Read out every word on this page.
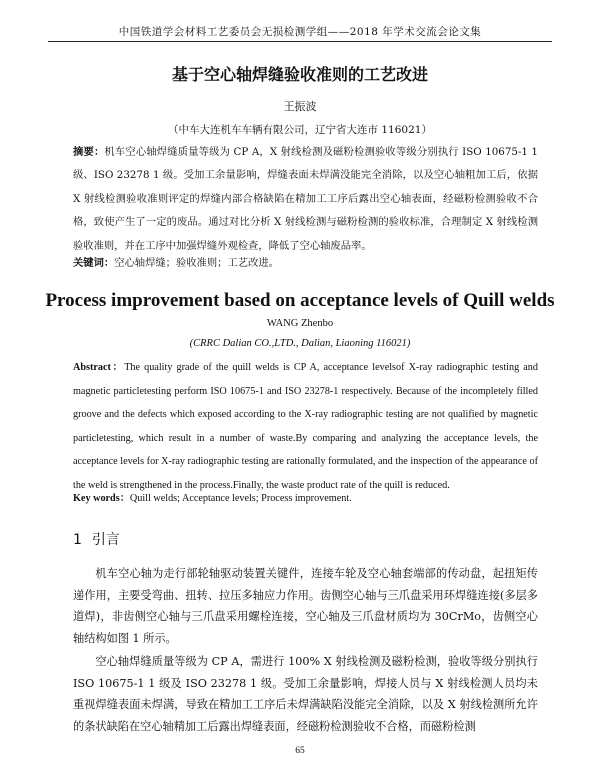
中国铁道学会材料工艺委员会无损检测学组——2018 年学术交流会论文集
基于空心轴焊缝验收准则的工艺改进
王振波
（中车大连机车车辆有限公司，辽宁省大连市 116021）
摘要：机车空心轴焊缝质量等级为 CP A，X 射线检测及磁粉检测验收等级分别执行 ISO 10675-1 1 级、ISO 23278 1 级。受加工余量影响，焊缝表面未焊满没能完全消除，以及空心轴粗加工后，依据 X 射线检测验收准则评定的焊缝内部合格缺陷在精加工工序后露出空心轴表面，经磁粉检测验收不合格，致使产生了一定的废品。通过对比分析 X 射线检测与磁粉检测的验收标准，合理制定 X 射线检测验收准则，并在工序中加强焊缝外观检查，降低了空心轴废品率。
关键词：空心轴焊缝；验收准则；工艺改进。
Process improvement based on acceptance levels of Quill welds
WANG Zhenbo
(CRRC Dalian CO.,LTD., Dalian, Liaoning 116021)
Abstract：The quality grade of the quill welds is CP A, acceptance levelsof X-ray radiographic testing and magnetic particletesting perform ISO 10675-1 and ISO 23278-1 respectively. Because of the incompletely filled groove and the defects which exposed according to the X-ray radiographic testing are not qualified by magnetic particletesting, which result in a number of waste.By comparing and analyzing the acceptance levels, the acceptance levels for X-ray radiographic testing are rationally formulated, and the inspection of the appearance of the weld is strengthened in the process.Finally, the waste product rate of the quill is reduced.
Key words：Quill welds; Acceptance levels; Process improvement.
1 引言

机车空心轴为走行部轮轴驱动装置关键件，连接车轮及空心轴套端部的传动盘，起扭矩传递作用，主要受弯曲、扭转、拉压多轴应力作用。齿侧空心轴与三爪盘采用环焊缝连接(多层多道焊)，非齿侧空心轴与三爪盘采用螺栓连接，空心轴及三爪盘材质均为 30CrMo，齿侧空心轴结构如图 1 所示。

空心轴焊缝质量等级为 CP A，需进行 100% X 射线检测及磁粉检测，验收等级分别执行 ISO 10675-1 1 级及 ISO 23278 1 级。受加工余量影响，焊接人员与 X 射线检测人员均未重视焊缝表面未焊满，导致在精加工工序后未焊满缺陷没能完全消除，以及 X 射线检测所允许的条状缺陷在空心轴精加工后露出焊缝表面，经磁粉检测验收不合格，而磁粉检测

65
